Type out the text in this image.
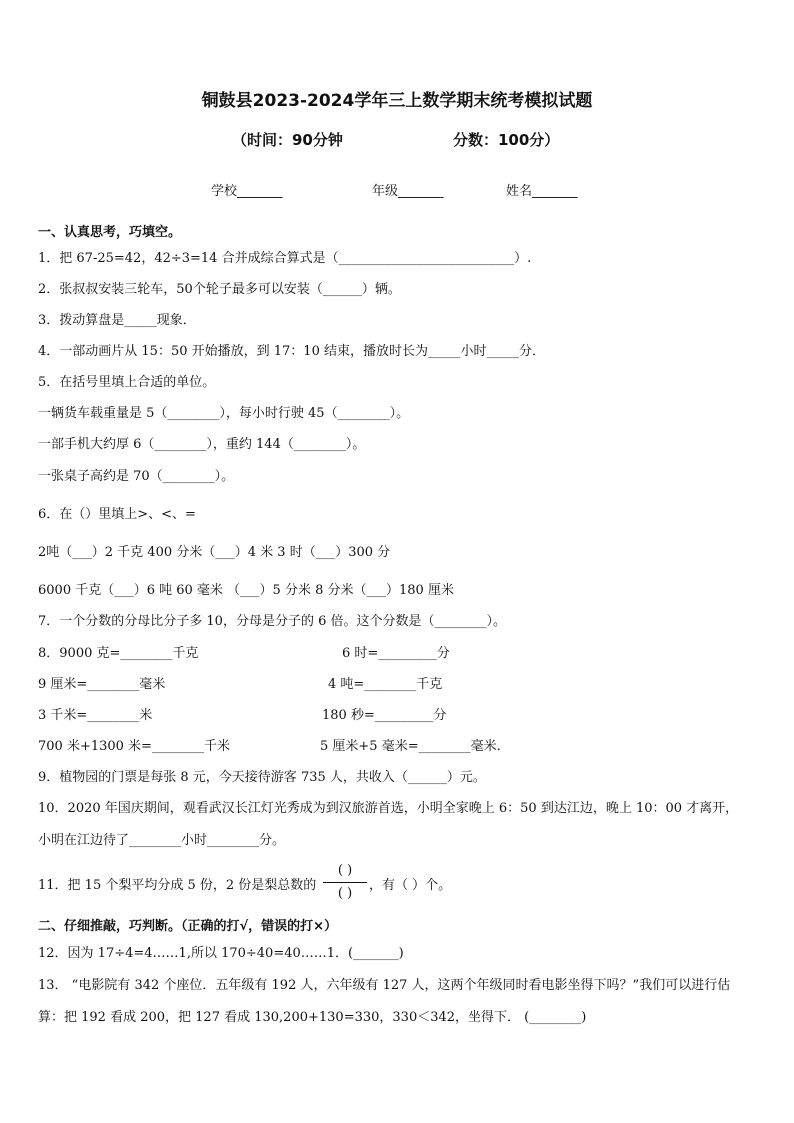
铜鼓县2023-2024学年三上数学期末统考模拟试题
（时间：90分钟	分数：100分）
学校_______	年级_______	姓名_______
一、认真思考，巧填空。
1．把 67-25=42，42÷3=14 合并成综合算式是（___________________________）.
2．张叔叔安装三轮车，50个轮子最多可以安装（______）辆。
3．拨动算盘是_____现象．
4．一部动画片从 15：50 开始播放，到 17：10 结束，播放时长为_____小时_____分．
5．在括号里填上合适的单位。
一辆货车载重量是 5（________），每小时行驶 45（________）。
一部手机大约厚 6（________），重约 144（________）。
一张桌子高约是 70（________）。
6．在（）里填上>、<、=
2吨（___）2 千克 400 分米（___）4 米 3 时（___）300 分
6000 千克（___）6 吨 60 毫米 （___）5 分米 8 分米（___）180 厘米
7．一个分数的分母比分子多 10，分母是分子的 6 倍。这个分数是（________）。
8．9000 克=________千克	6 时=_________分
9 厘米=________毫米	4 吨=________千克
3 千米=________米	180 秒=_________分
700 米+1300 米=________千米	5 厘米+5 毫米=________毫米．
9．植物园的门票是每张 8 元，今天接待游客 735 人，共收入（______）元。
10．2020 年国庆期间，观看武汉长江灯光秀成为到汉旅游首选，小明全家晚上 6：50 到达江边，晚上 10：00 才离开，
小明在江边待了________小时________分。
11．把 15 个梨平均分成 5 份，2 份是梨总数的
( )
( )
，有（ ）个。
二、仔细推敲，巧判断。（正确的打√，错误的打×）
12．因为 17÷4=4……1,所以 170÷40=40……1．(_______)
13． “电影院有 342 个座位．五年级有 192 人，六年级有 127 人，这两个年级同时看电影坐得下吗？”我们可以进行估
算：把 192 看成 200，把 127 看成 130,200+130=330，330＜342，坐得下． (________)
